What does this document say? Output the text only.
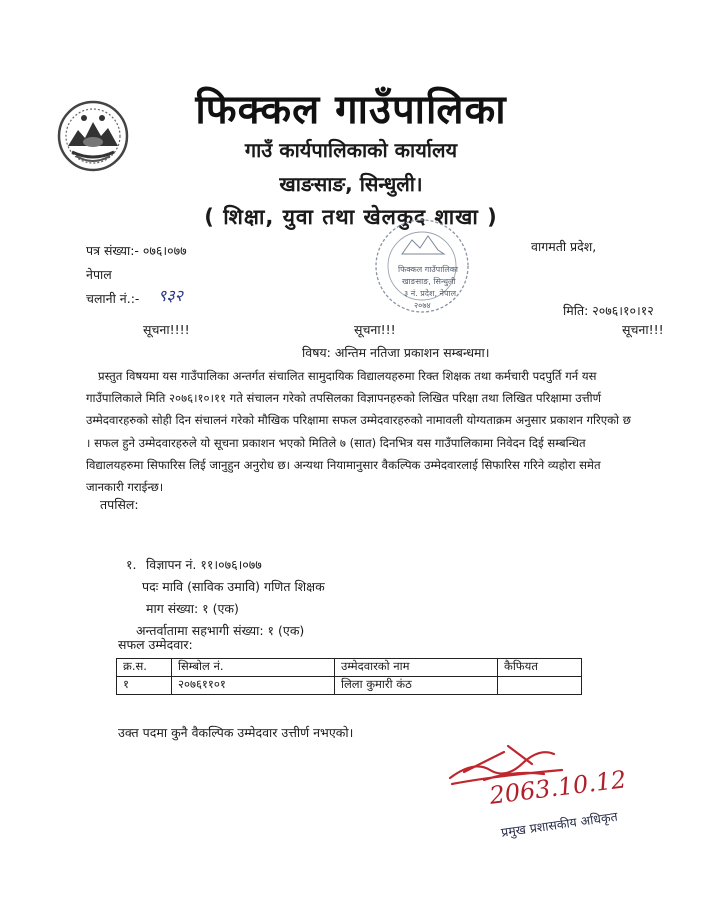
फिक्कल गाउँपालिका
गाउँ कार्यपालिकाको कार्यालय
खाङसाङ, सिन्धुली।
( शिक्षा, युवा तथा खेलकुद शाखा )
फिक्कल गाउँपालिका
खाङसाङ, सिन्धुली
३ नं. प्रदेश, नेपाल
२०७४
पत्र संख्या:- ०७६।०७७	वागमती प्रदेश,
नेपाल
चलानी नं.:- ९३२
मिति: २०७६।१०।१२
सूचना!!!!	सूचना!!!	सूचना!!!
विषय: अन्तिम नतिजा प्रकाशन सम्बन्धमा।
प्रस्तुत विषयमा यस गाउँपालिका अन्तर्गत संचालित सामुदायिक विद्यालयहरुमा रिक्त शिक्षक तथा कर्मचारी पदपुर्ति गर्न यस
गाउँपालिकाले मिति २०७६।१०।११ गते संचालन गरेको तपसिलका विज्ञापनहरुको लिखित परिक्षा तथा लिखित परिक्षामा उत्तीर्ण
उम्मेदवारहरुको सोही दिन संचालनं गरेको मौखिक परिक्षामा सफल उम्मेदवारहरुको नामावली योग्यताक्रम अनुसार प्रकाशन गरिएको छ
। सफल हुने उम्मेदवारहरुले यो सूचना प्रकाशन भएको मितिले ७ (सात) दिनभित्र यस गाउँपालिकामा निवेदन दिई सम्बन्धित
विद्यालयहरुमा सिफारिस लिई जानुहुन अनुरोध छ। अन्यथा नियामानुसार वैकल्पिक उम्मेदवारलाई सिफारिस गरिने व्यहोरा समेत
जानकारी गराईन्छ।
तपसिल:
१. विज्ञापन नं. ११।०७६।०७७
पदः मावि (साविक उमावि) गणित शिक्षक
माग संख्या: १ (एक)
अन्तर्वातामा सहभागी संख्या: १ (एक)
सफल उम्मेदवार:
क्र.स.	सिम्बोल नं.	उम्मेदवारको नाम	कैफियत
१	२०७६११०१	लिला कुमारी कंठ	
उक्त पदमा कुनै वैकल्पिक उम्मेदवार उत्तीर्ण नभएको।
2063.10.12
प्रमुख प्रशासकीय अधिकृत
